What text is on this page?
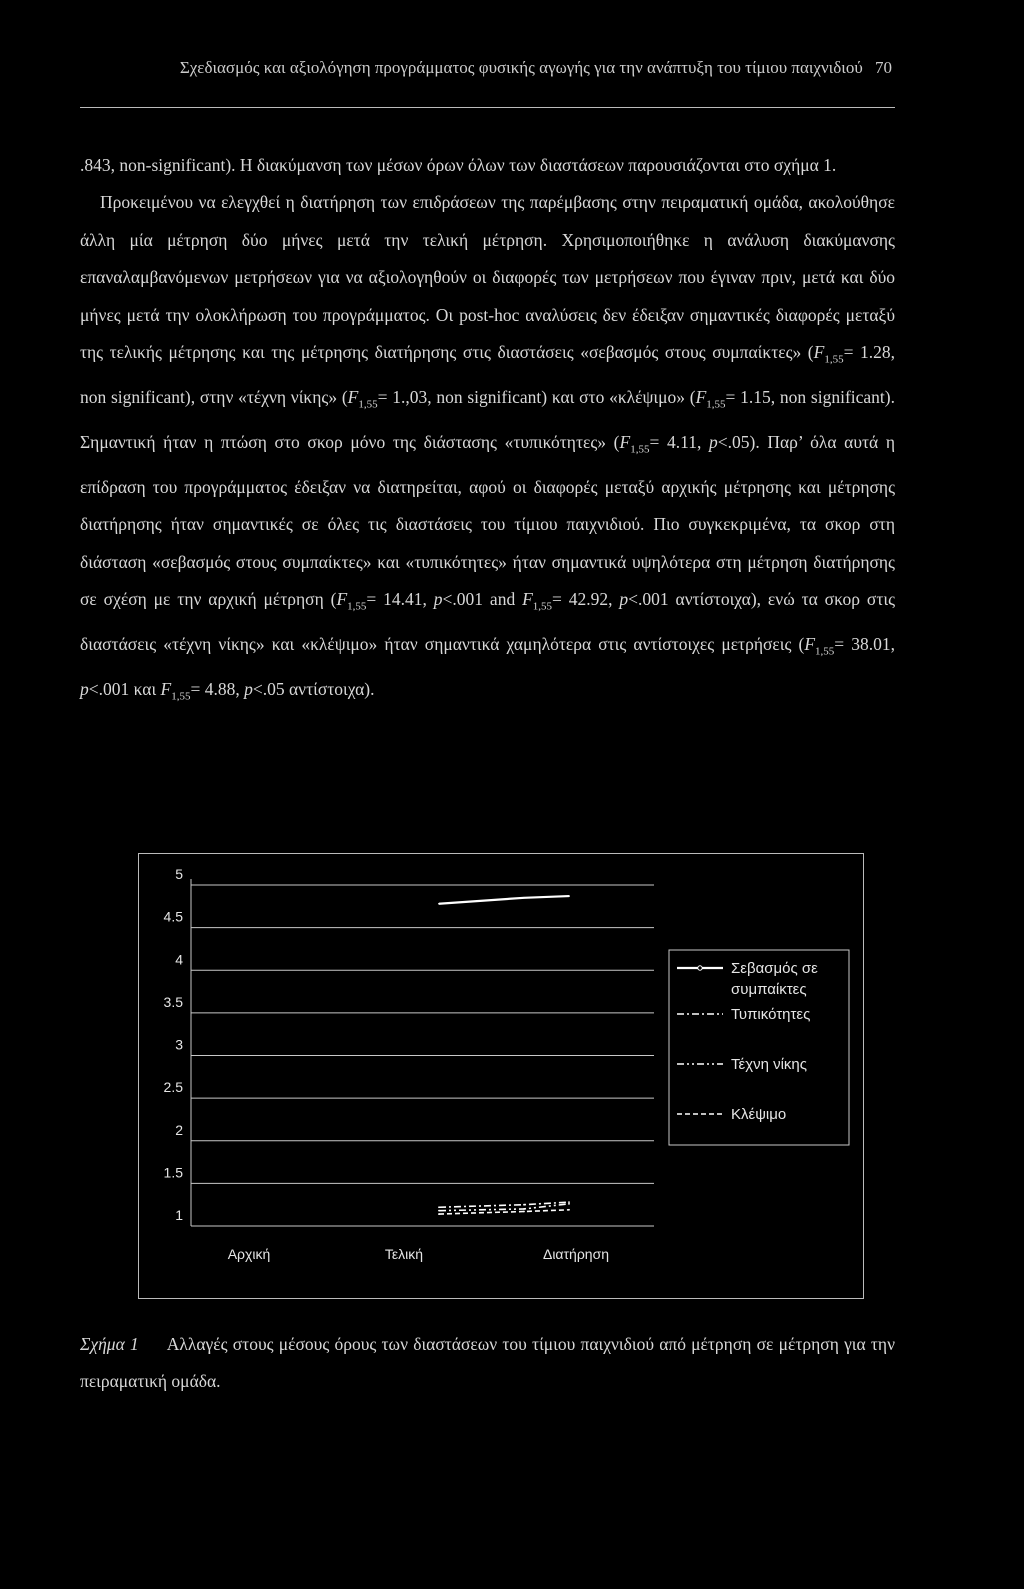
Σχεδιασμός και αξιολόγηση προγράμματος φυσικής αγωγής για την ανάπτυξη του τίμιου παιχνιδιού 70

.843, non-significant). Η διακύμανση των μέσων όρων όλων των διαστάσεων παρουσιάζονται στο σχήμα 1.

Προκειμένου να ελεγχθεί η διατήρηση των επιδράσεων της παρέμβασης στην πειραματική ομάδα, ακολούθησε άλλη μία μέτρηση δύο μήνες μετά την τελική μέτρηση. Χρησιμοποιήθηκε η ανάλυση διακύμανσης επαναλαμβανόμενων μετρήσεων για να αξιολογηθούν οι διαφορές των μετρήσεων που έγιναν πριν, μετά και δύο μήνες μετά την ολοκλήρωση του προγράμματος. Οι post-hoc αναλύσεις δεν έδειξαν σημαντικές διαφορές μεταξύ της τελικής μέτρησης και της μέτρησης διατήρησης στις διαστάσεις «σεβασμός στους συμπαίκτες» ($F_{1,55}= 1.28$, non significant), στην «τέχνη νίκης» ($F_{1,55}= 1.,03$, non significant) και στο «κλέψιμο» ($F_{1,55}= 1.15$, non significant). Σημαντική ήταν η πτώση στο σκορ μόνο της διάστασης «τυπικότητες» ($F_{1,55}= 4.11$, p<.05). Παρ’ όλα αυτά η επίδραση του προγράμματος έδειξαν να διατηρείται, αφού οι διαφορές μεταξύ αρχικής μέτρησης και μέτρησης διατήρησης ήταν σημαντικές σε όλες τις διαστάσεις του τίμιου παιχνιδιού. Πιο συγκεκριμένα, τα σκορ στη διάσταση «σεβασμός στους συμπαίκτες» και «τυπικότητες» ήταν σημαντικά υψηλότερα στη μέτρηση διατήρησης σε σχέση με την αρχική μέτρηση ($F_{1,55}= 14.41$, p<.001 and $F_{1,55}= 42.92$, p<.001 αντίστοιχα), ενώ τα σκορ στις διαστάσεις «τέχνη νίκης» και «κλέψιμο» ήταν σημαντικά χαμηλότερα στις αντίστοιχες μετρήσεις ($F_{1,55}= 38.01$, p<.001 και $F_{1,55}= 4.88$, p<.05 αντίστοιχα).

5
4.5
4
3.5
3
2.5
2
1.5
1
Αρχική	Τελική	Διατήρηση
Σεβασμός σε
συμπαίκτες
Τυπικότητες
Τέχνη νίκης
Κλέψιμο
Σχήμα 1 Αλλαγές στους μέσους όρους των διαστάσεων του τίμιου παιχνιδιού από μέτρηση σε μέτρηση για την πειραματική ομάδα.
